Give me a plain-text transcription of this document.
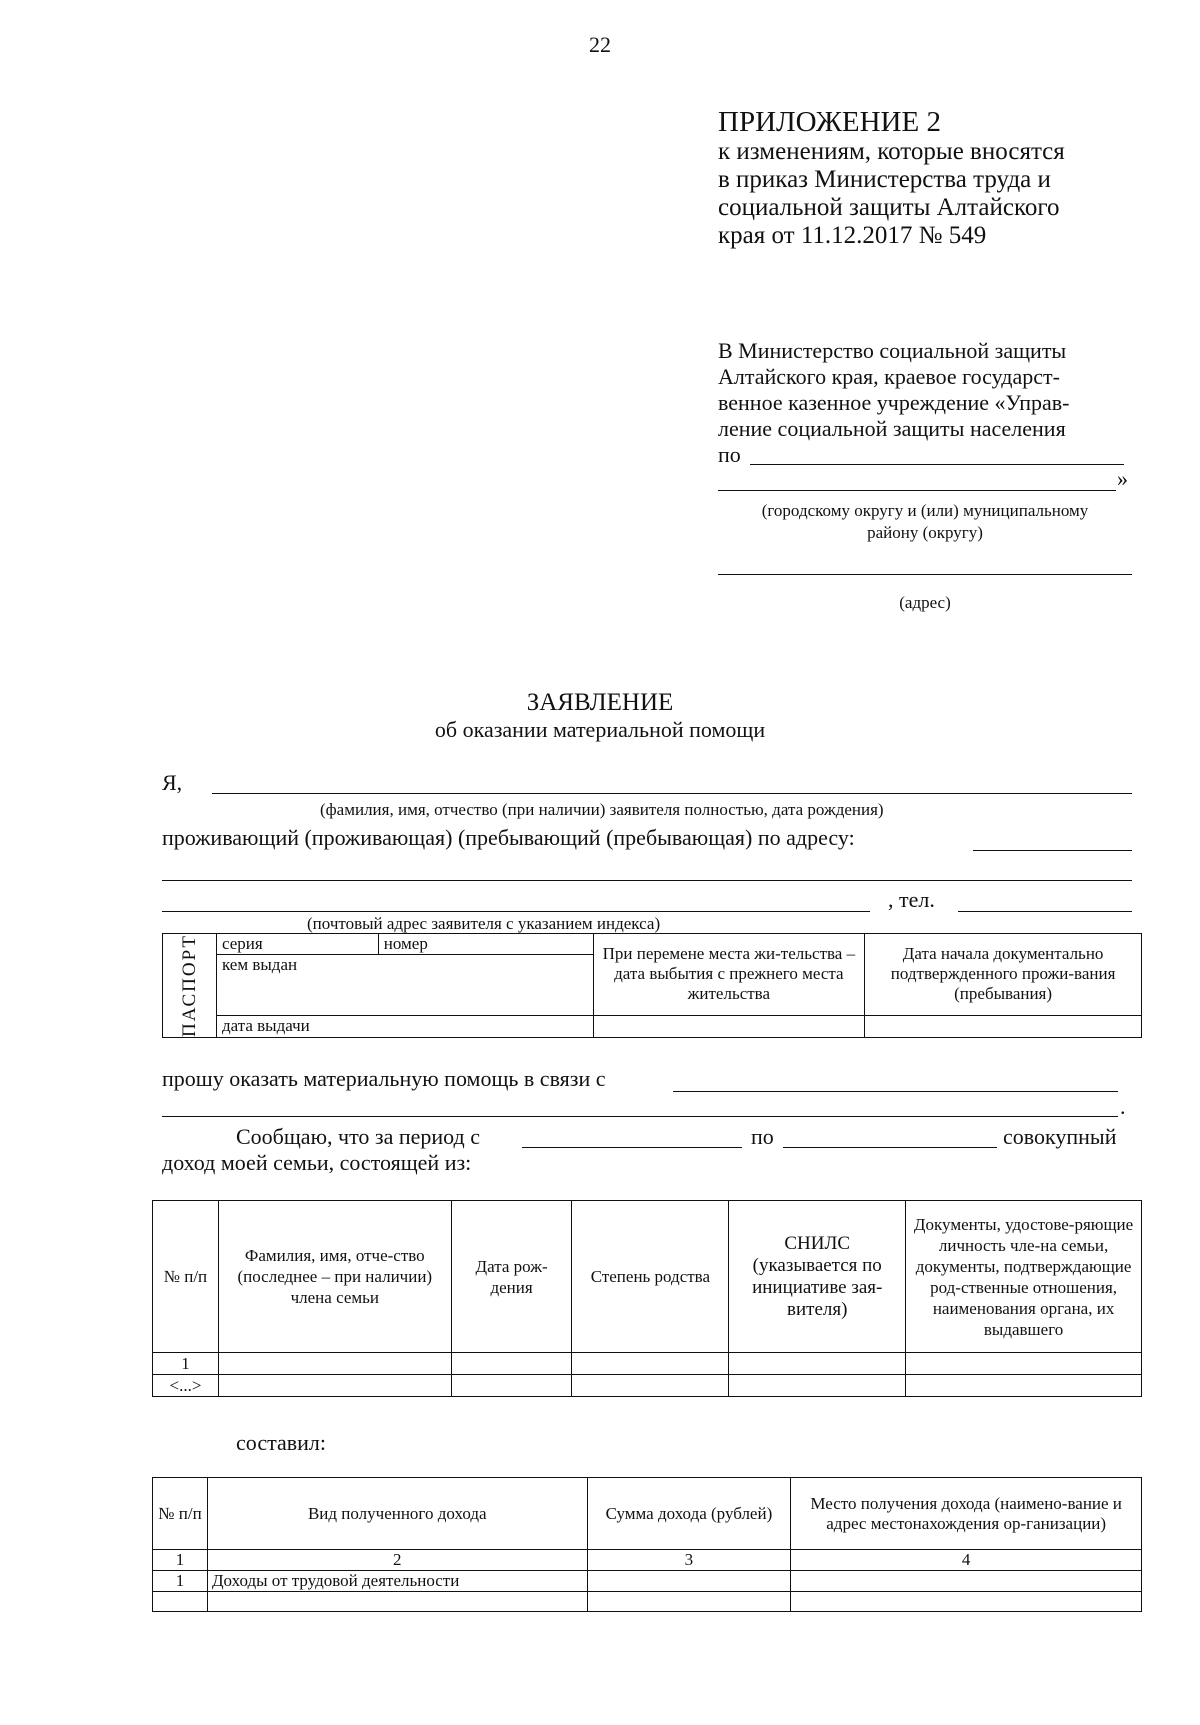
22
ПРИЛОЖЕНИЕ 2
к изменениям, которые вносятся
в приказ Министерства труда и
социальной защиты Алтайского
края от 11.12.2017 № 549
В Министерство социальной защиты
Алтайского края, краевое государст-
венное казенное учреждение «Управ-
ление социальной защиты населения
по
»
(городскому округу и (или) муниципальному
району (округу)
(адрес)
ЗАЯВЛЕНИЕ
об оказании материальной помощи
Я,
(фамилия, имя, отчество (при наличии) заявителя полностью, дата рождения)
проживающий (проживающая) (пребывающий (пребывающая) по адресу:
, тел.
(почтовый адрес заявителя с указанием индекса)
ПАСПОРТ	серия	номер	При перемене места жи-тельства – дата выбытия с прежнего места жительства	Дата начала документально подтвержденного прожи-вания (пребывания)
	кем выдан			
	дата выдачи			
прошу оказать материальную помощь в связи с
.
Сообщаю, что за период с	по	совокупный
доход моей семьи, состоящей из:
№ п/п	Фамилия, имя, отче-ство (последнее – при наличии) члена семьи	Дата рож-дения	Степень родства	СНИЛС (указывается по инициативе зая-вителя)	Документы, удостове-ряющие личность чле-на семьи, документы, подтверждающие род-ственные отношения, наименования органа, их выдавшего
1					
<...>					
составил:
№ п/п	Вид полученного дохода	Сумма дохода (рублей)	Место получения дохода (наимено-вание и адрес местонахождения ор-ганизации)
1	2	3	4
1	Доходы от трудовой деятельности		
